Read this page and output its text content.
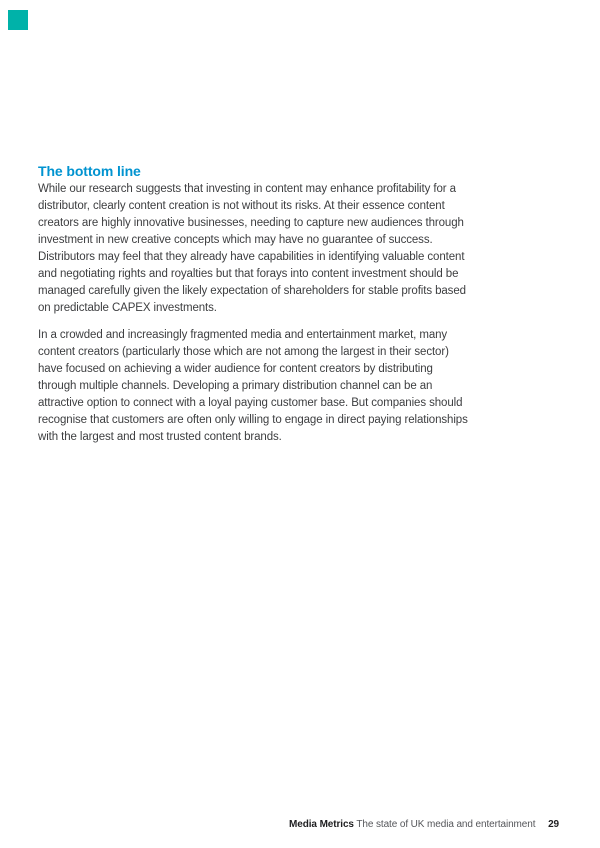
The bottom line
While our research suggests that investing in content may enhance profitability for a
distributor, clearly content creation is not without its risks. At their essence content
creators are highly innovative businesses, needing to capture new audiences through
investment in new creative concepts which may have no guarantee of success.
Distributors may feel that they already have capabilities in identifying valuable content
and negotiating rights and royalties but that forays into content investment should be
managed carefully given the likely expectation of shareholders for stable profits based
on predictable CAPEX investments.
In a crowded and increasingly fragmented media and entertainment market, many
content creators (particularly those which are not among the largest in their sector)
have focused on achieving a wider audience for content creators by distributing
through multiple channels. Developing a primary distribution channel can be an
attractive option to connect with a loyal paying customer base. But companies should
recognise that customers are often only willing to engage in direct paying relationships
with the largest and most trusted content brands.
Media Metrics The state of UK media and entertainment 29
